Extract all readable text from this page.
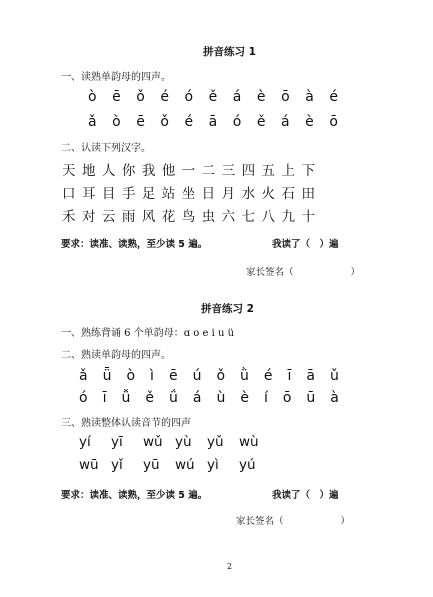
拼音练习 1
一、读熟单韵母的四声。
ò ē ǒ é ó ě á è ō à é
ǎ ò ē ǒ é ā ó ě á è ō
二、认读下列汉字。
天 地 人 你 我 他 一 二 三 四 五 上 下
口 耳 目 手 足 站 坐 日 月 水 火 石 田
禾 对 云 雨 风 花 鸟 虫 六 七 八 九 十
要求：读准、读熟，至少读 5 遍。	我读了（　）遍
家长签名（　　　　　　）
拼音练习 2
一、熟练背诵 6 个单韵母：ɑ o e i u ü
二、熟读单韵母的四声。
ǎ ǖ ò ì ē ú ǒ ǜ é ī ā ǔ
ó ī ǚ ě ǘ á ù è í ō ū à
三、熟读整体认读音节的四声
yí	yī	wǔ yù	yǔ	wù
wū yǐ	yū	wú yì	yú
要求：读准、读熟，至少读 5 遍。	我读了（　）遍
家长签名（　　　　　　）
2
